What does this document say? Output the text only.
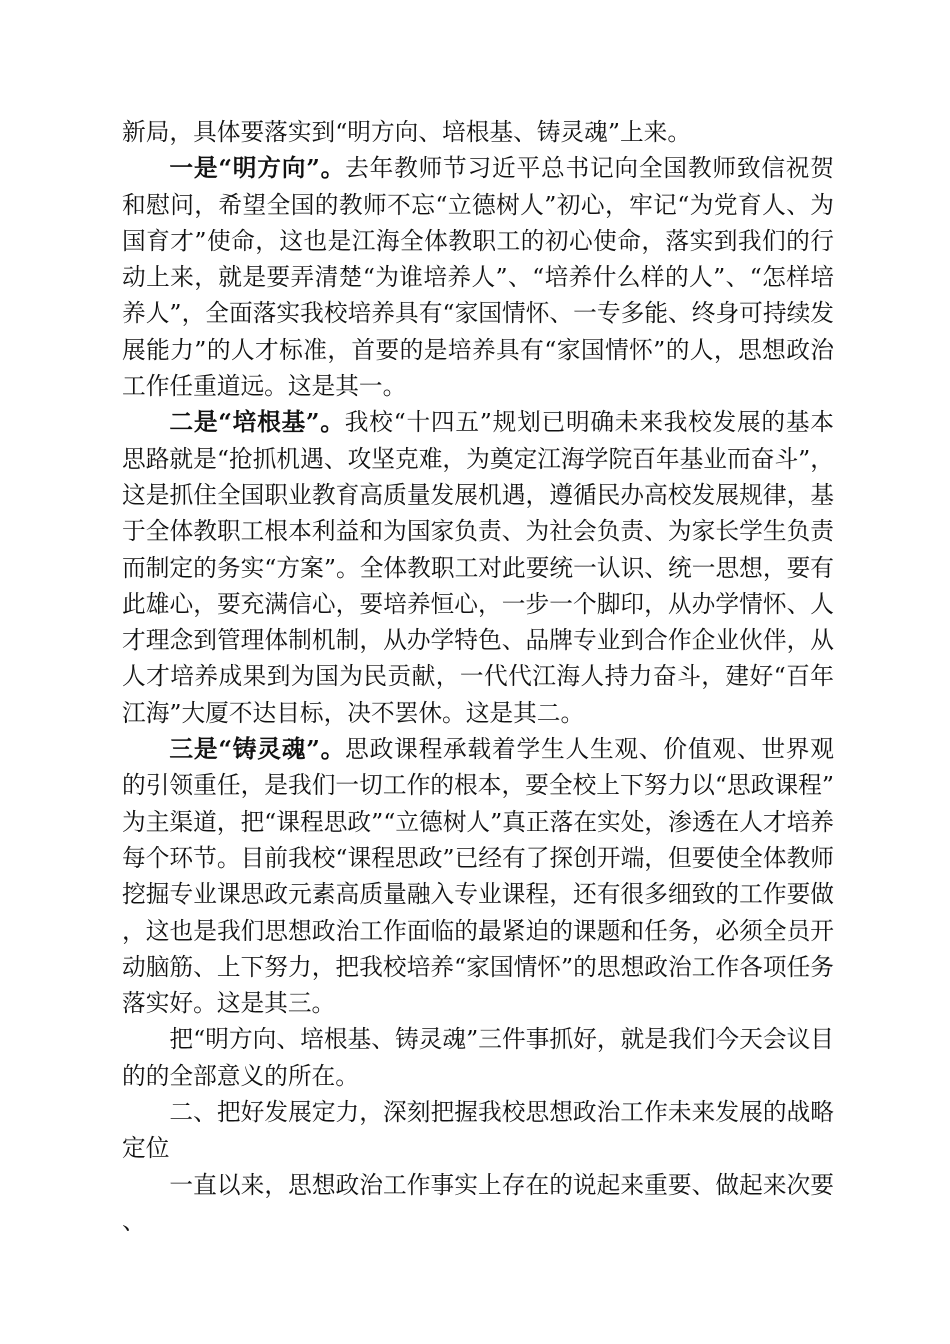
新局，具体要落实到“明方向、培根基、铸灵魂”上来。

一是“明方向”。去年教师节习近平总书记向全国教师致信祝贺和慰问，希望全国的教师不忘“立德树人”初心，牢记“为党育人、为国育才”使命，这也是江海全体教职工的初心使命，落实到我们的行动上来，就是要弄清楚“为谁培养人”、“培养什么样的人”、“怎样培养人”，全面落实我校培养具有“家国情怀、一专多能、终身可持续发展能力”的人才标准，首要的是培养具有“家国情怀”的人，思想政治工作任重道远。这是其一。

二是“培根基”。我校“十四五”规划已明确未来我校发展的基本思路就是“抢抓机遇、攻坚克难，为奠定江海学院百年基业而奋斗”，这是抓住全国职业教育高质量发展机遇，遵循民办高校发展规律，基于全体教职工根本利益和为国家负责、为社会负责、为家长学生负责而制定的务实“方案”。全体教职工对此要统一认识、统一思想，要有此雄心，要充满信心，要培养恒心，一步一个脚印，从办学情怀、人才理念到管理体制机制，从办学特色、品牌专业到合作企业伙伴，从人才培养成果到为国为民贡献，一代代江海人持力奋斗，建好“百年江海”大厦不达目标，决不罢休。这是其二。

三是“铸灵魂”。思政课程承载着学生人生观、价值观、世界观的引领重任，是我们一切工作的根本，要全校上下努力以“思政课程”为主渠道，把“课程思政”“立德树人”真正落在实处，渗透在人才培养每个环节。目前我校“课程思政”已经有了探创开端，但要使全体教师挖掘专业课思政元素高质量融入专业课程，还有很多细致的工作要做，这也是我们思想政治工作面临的最紧迫的课题和任务，必须全员开动脑筋、上下努力，把我校培养“家国情怀”的思想政治工作各项任务落实好。这是其三。

把“明方向、培根基、铸灵魂”三件事抓好，就是我们今天会议目的的全部意义的所在。

二、把好发展定力，深刻把握我校思想政治工作未来发展的战略定位

一直以来，思想政治工作事实上存在的说起来重要、做起来次要、
